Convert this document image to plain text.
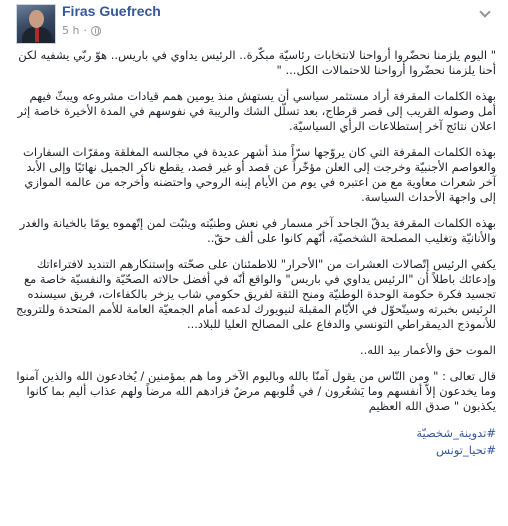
Firas Guefrech
5 h ·

" اليوم يلزمنا نحضّروا أرواحنا لانتخابات رئاسيّة مبكّرة.. الرئيس يداوي في باريس.. هوّ ربّي يشفيه لكن أحنا يلزمنا نحضّروا أرواحنا للاحتمالات الكل... "

بهذه الكلمات المقرفة أراد مستثمر سياسي أن يستهش منذ يومين همم قيادات مشروعه ويبثّ فيهم أمل وصوله القريب إلى قصر قرطاج، بعد تسلّل الشك والريبة في نفوسهم في المدة الأخيرة خاصة إثر اعلان نتائج آخر إستطلاعات الرأي السياسيّة.

بهذه الكلمات المقرفة التي كان يروّجها سرّاً منذ أشهر عديدة في مجالسه المغلقة ومقرّات السفارات والعواصم الأجنبيّة وخرجت إلى العلن مؤخّراً عن قصد أو غير قصد، يقطع ناكر الجميل نهائيًا وإلى الأبد آخر شعرات معاوية مع من اعتبره في يوم من الأيام إبنه الروحي واحتضنه وأخرجه من عالمه الموازي إلى واجهة الأحداث السياسة.

بهذه الكلمات المقرفة يدقّ الجاحد آخر مسمار في نعش وطنيّته ويثبّت لمن إتّهموه يومًا بالخيانة والغدر والأنانيّة وتغليب المصلحة الشخصيّة، أنّهم كانوا على ألف حقّ..

يكفي الرئيس إتّصالات العشرات من "الأحرار" للاطمئنان على صحّته وإستنكارهم التنديد لافتراءاتك وإدعائك باطلاً أن "الرئيس يداوي في باريس" والواقع أنّه في أفضل حالاته الصحّيّة والنفسيّة خاصة مع تجسيد فكرة حكومة الوحدة الوطنيّة ومنح الثقة لفريق حكومي شاب يزخر بالكفاءات، فريق سيسنده الرئيس بخبرته وسيتّحوّل في الأيّام المقبلة لنيويورك لدعمه أمام الجمعيّة العامة للأمم المتحدة وللترويج للأنموذج الديمقراطي التونسي والدفاع على المصالح العليا للبلاد...

الموت حق والأعمار بيد الله..

قال تعالى : " ومن النّاس من يقول آمنّا بالله وباليوم الآخر وما هم بمؤمنين / يُخادعون الله والذين آمنوا وما يخدعون إلاّ أنفسهم وما يَشعُرون / في قُلوبهم مرضٌ فزادهم الله مرضاً ولهم عذاب أليم بما كانوا يكذبون " صدق الله العظيم

#تدوينة_شخصيّة
#تحيا_تونس
